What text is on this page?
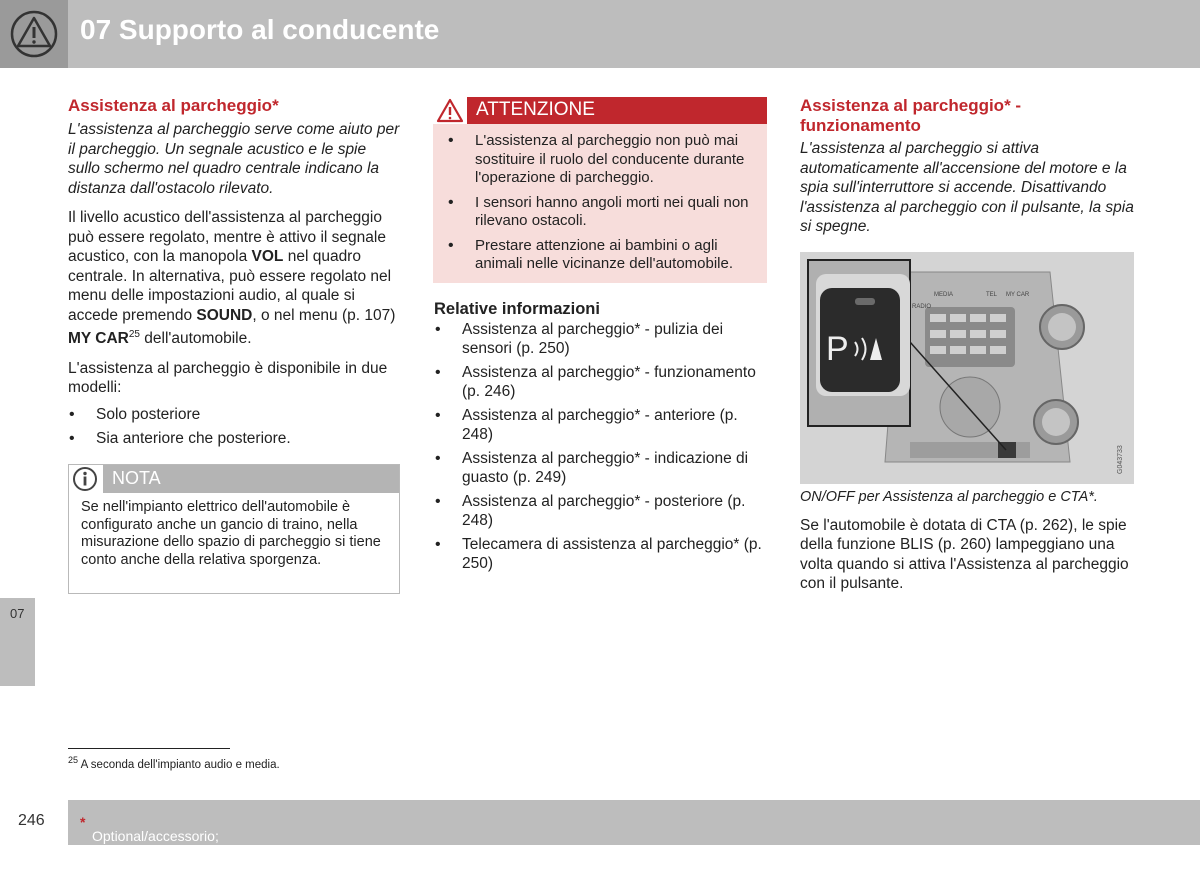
07 Supporto al conducente
07
Assistenza al parcheggio*

L'assistenza al parcheggio serve come aiuto per il parcheggio. Un segnale acustico e le spie sullo schermo nel quadro centrale indicano la distanza dall'ostacolo rilevato.

Il livello acustico dell'assistenza al parcheggio può essere regolato, mentre è attivo il segnale acustico, con la manopola VOL nel quadro centrale. In alternativa, può essere regolato nel menu delle impostazioni audio, al quale si accede premendo SOUND, o nel menu (p. 107) MY CAR$^{25}$ dell'automobile.

L'assistenza al parcheggio è disponibile in due modelli:

• Solo posteriore
• Sia anteriore che posteriore.
NOTA
Se nell'impianto elettrico dell'automobile è configurato anche un gancio di traino, nella misurazione dello spazio di parcheggio si tiene conto anche della relativa sporgenza.
ATTENZIONE
• L'assistenza al parcheggio non può mai sostituire il ruolo del conducente durante l'operazione di parcheggio.
• I sensori hanno angoli morti nei quali non rilevano ostacoli.
• Prestare attenzione ai bambini o agli animali nelle vicinanze dell'automobile.
Relative informazioni
• Assistenza al parcheggio* - pulizia dei sensori (p. 250)
• Assistenza al parcheggio* - funzionamento (p. 246)
• Assistenza al parcheggio* - anteriore (p. 248)
• Assistenza al parcheggio* - indicazione di guasto (p. 249)
• Assistenza al parcheggio* - posteriore (p. 248)
• Telecamera di assistenza al parcheggio* (p. 250)
Assistenza al parcheggio* - funzionamento

L'assistenza al parcheggio si attiva automaticamente all'accensione del motore e la spia sull'interruttore si accende. Disattivando l'assistenza al parcheggio con il pulsante, la spia si spegne.

RADIO
MEDIA	TEL MY CAR
P
G043733

ON/OFF per Assistenza al parcheggio e CTA*.

Se l'automobile è dotata di CTA (p. 262), le spie della funzione BLIS (p. 260) lampeggiano una volta quando si attiva l'Assistenza al parcheggio con il pulsante.

$^{25}$ A seconda dell'impianto audio e media.
246	*
Optional/accessorio; per maggiori informazioni, vedere Introduzione.
